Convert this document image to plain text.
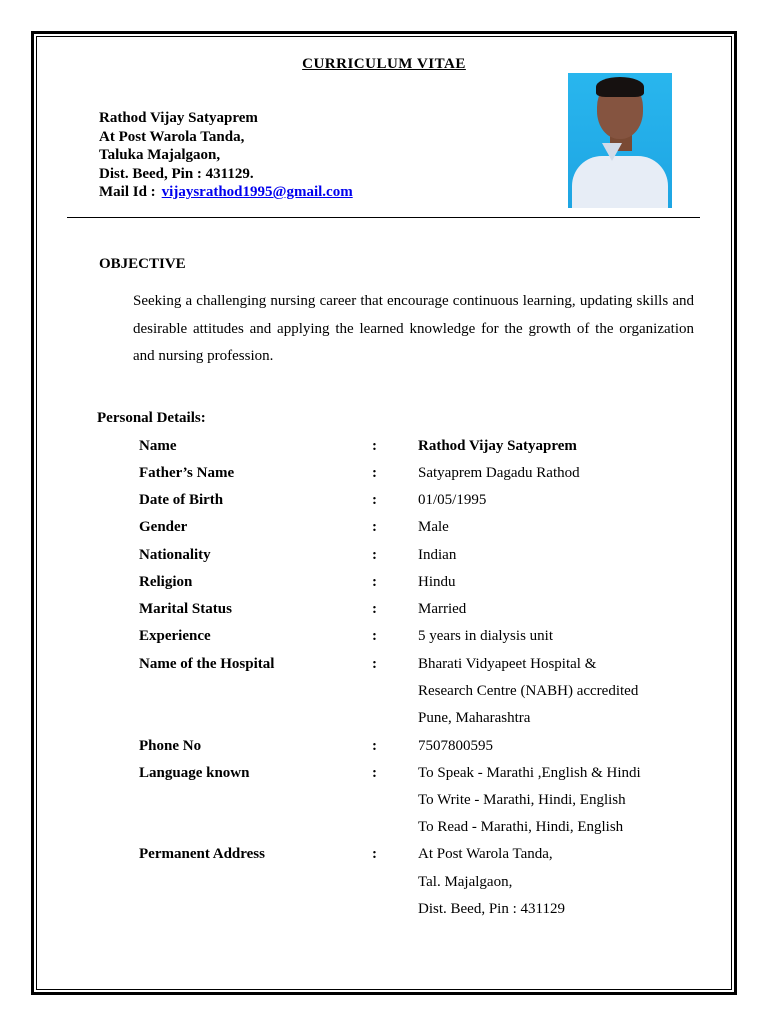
CURRICULUM VITAE
Rathod Vijay Satyaprem
At Post Warola Tanda,
Taluka Majalgaon,
Dist. Beed, Pin : 431129.
Mail Id : vijaysrathod1995@gmail.com
OBJECTIVE
Seeking a challenging nursing career that encourage continuous learning, updating skills and desirable attitudes and applying the learned knowledge for the growth of the organization and nursing profession.
Personal Details:
Name	:	Rathod Vijay Satyaprem
Father’s Name	:	Satyaprem Dagadu Rathod
Date of Birth	:	01/05/1995
Gender	:	Male
Nationality	:	Indian
Religion	:	Hindu
Marital Status	:	Married
Experience	:	5 years in dialysis unit
Name of the Hospital	:	Bharati Vidyapeet Hospital &
Research Centre (NABH) accredited
Pune, Maharashtra
Phone No	:	7507800595
Language known	:	To Speak - Marathi ,English & Hindi
To Write - Marathi, Hindi, English
To Read - Marathi, Hindi, English
Permanent Address	:	At Post Warola Tanda,
Tal. Majalgaon,
Dist. Beed, Pin : 431129
